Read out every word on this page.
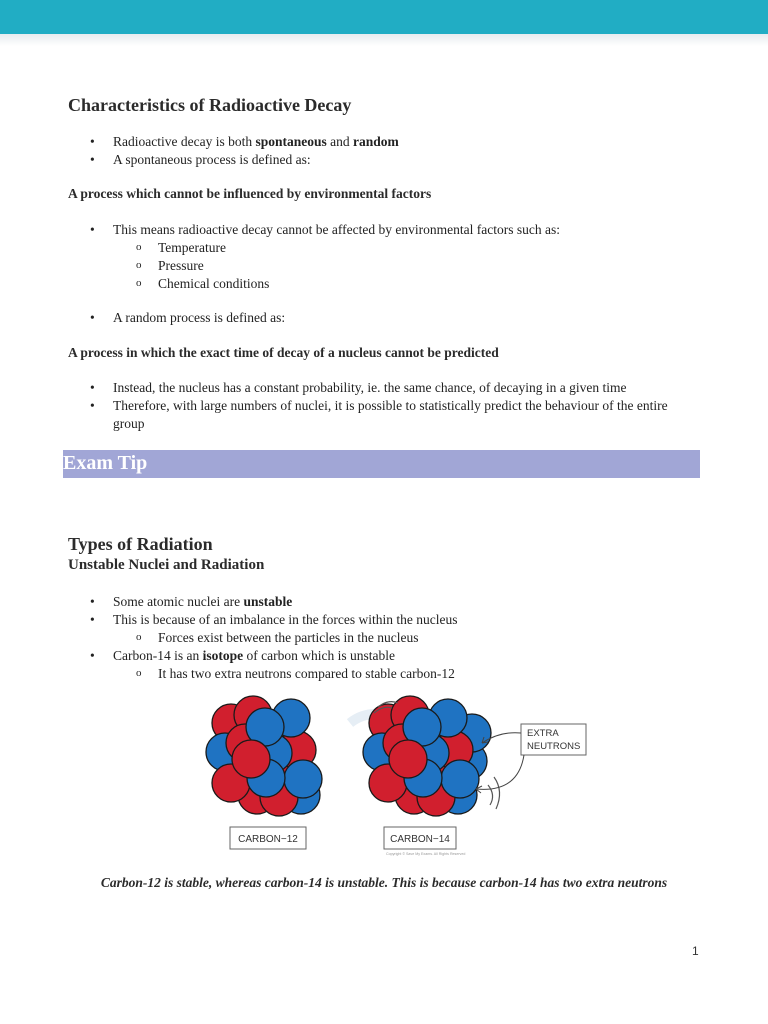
Characteristics of Radioactive Decay
• Radioactive decay is both spontaneous and random
• A spontaneous process is defined as:
A process which cannot be influenced by environmental factors
• This means radioactive decay cannot be affected by environmental factors such as:
o Temperature
o Pressure
o Chemical conditions
• A random process is defined as:
A process in which the exact time of decay of a nucleus cannot be predicted
• Instead, the nucleus has a constant probability, ie. the same chance, of decaying in a given time
• Therefore, with large numbers of nuclei, it is possible to statistically predict the behaviour of the entire group
Exam Tip
Types of Radiation
Unstable Nuclei and Radiation
• Some atomic nuclei are unstable
• This is because of an imbalance in the forces within the nucleus
o Forces exist between the particles in the nucleus
• Carbon-14 is an isotope of carbon which is unstable
o It has two extra neutrons compared to stable carbon-12
EXTRA
NEUTRONS
CARBON−12	CARBON−14
Copyright © Save My Exams. All Rights Reserved
Carbon-12 is stable, whereas carbon-14 is unstable. This is because carbon-14 has two extra neutrons
1
